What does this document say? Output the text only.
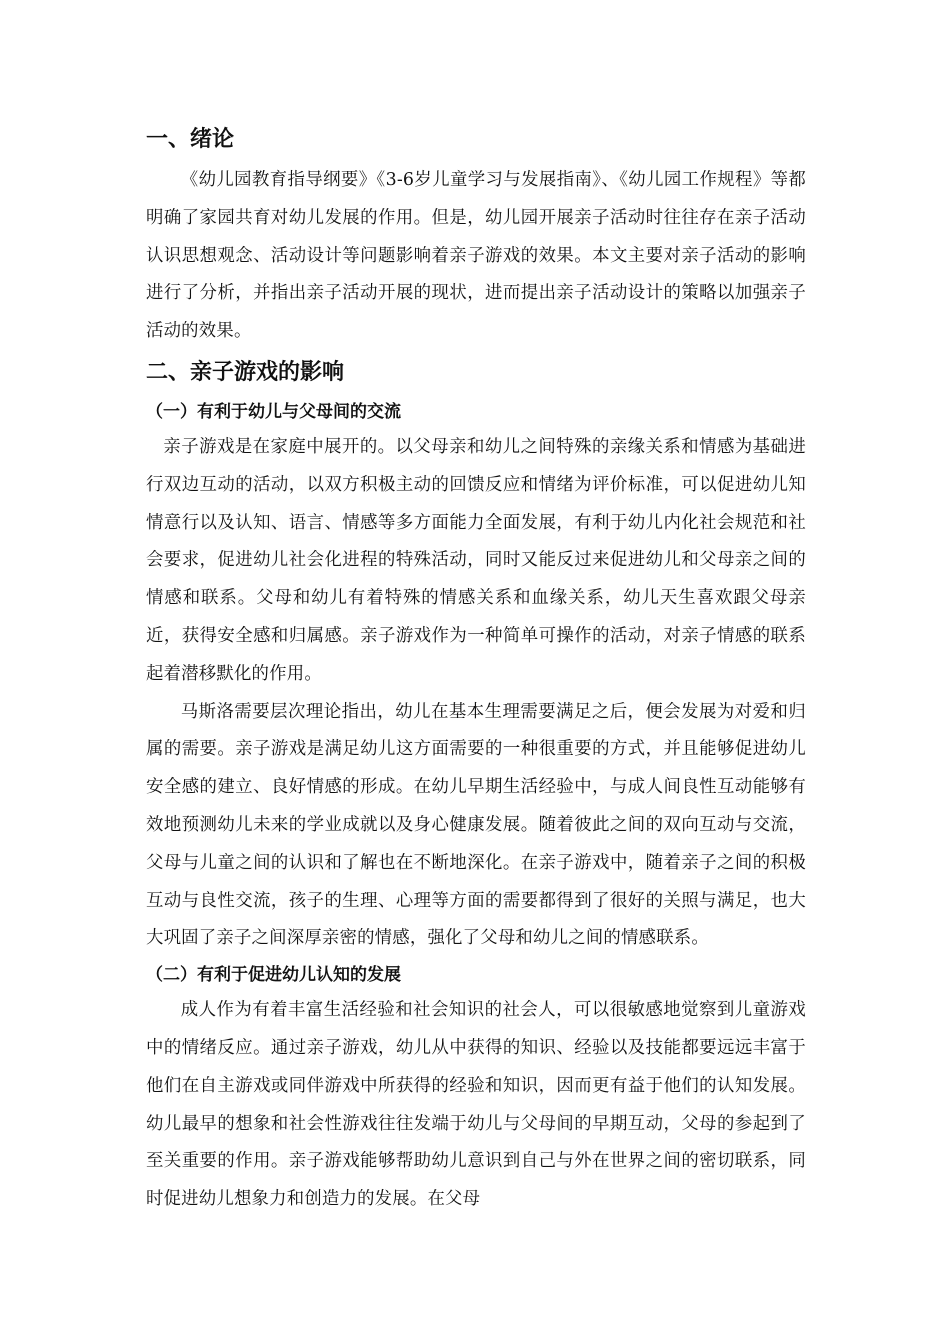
一、绪论

《幼儿园教育指导纲要》《3-6岁儿童学习与发展指南》、《幼儿园工作规程》等都明确了家园共育对幼儿发展的作用。但是，幼儿园开展亲子活动时往往存在亲子活动认识思想观念、活动设计等问题影响着亲子游戏的效果。本文主要对亲子活动的影响进行了分析，并指出亲子活动开展的现状，进而提出亲子活动设计的策略以加强亲子活动的效果。

二、亲子游戏的影响
（一）有利于幼儿与父母间的交流

亲子游戏是在家庭中展开的。以父母亲和幼儿之间特殊的亲缘关系和情感为基础进行双边互动的活动，以双方积极主动的回馈反应和情绪为评价标准，可以促进幼儿知情意行以及认知、语言、情感等多方面能力全面发展，有利于幼儿内化社会规范和社会要求，促进幼儿社会化进程的特殊活动，同时又能反过来促进幼儿和父母亲之间的情感和联系。父母和幼儿有着特殊的情感关系和血缘关系，幼儿天生喜欢跟父母亲近，获得安全感和归属感。亲子游戏作为一种简单可操作的活动，对亲子情感的联系起着潜移默化的作用。

马斯洛需要层次理论指出，幼儿在基本生理需要满足之后，便会发展为对爱和归属的需要。亲子游戏是满足幼儿这方面需要的一种很重要的方式，并且能够促进幼儿安全感的建立、良好情感的形成。在幼儿早期生活经验中，与成人间良性互动能够有效地预测幼儿未来的学业成就以及身心健康发展。随着彼此之间的双向互动与交流，父母与儿童之间的认识和了解也在不断地深化。在亲子游戏中，随着亲子之间的积极互动与良性交流，孩子的生理、心理等方面的需要都得到了很好的关照与满足，也大大巩固了亲子之间深厚亲密的情感，强化了父母和幼儿之间的情感联系。

（二）有利于促进幼儿认知的发展

成人作为有着丰富生活经验和社会知识的社会人，可以很敏感地觉察到儿童游戏中的情绪反应。通过亲子游戏，幼儿从中获得的知识、经验以及技能都要远远丰富于他们在自主游戏或同伴游戏中所获得的经验和知识，因而更有益于他们的认知发展。幼儿最早的想象和社会性游戏往往发端于幼儿与父母间的早期互动，父母的参起到了至关重要的作用。亲子游戏能够帮助幼儿意识到自己与外在世界之间的密切联系，同时促进幼儿想象力和创造力的发展。在父母
